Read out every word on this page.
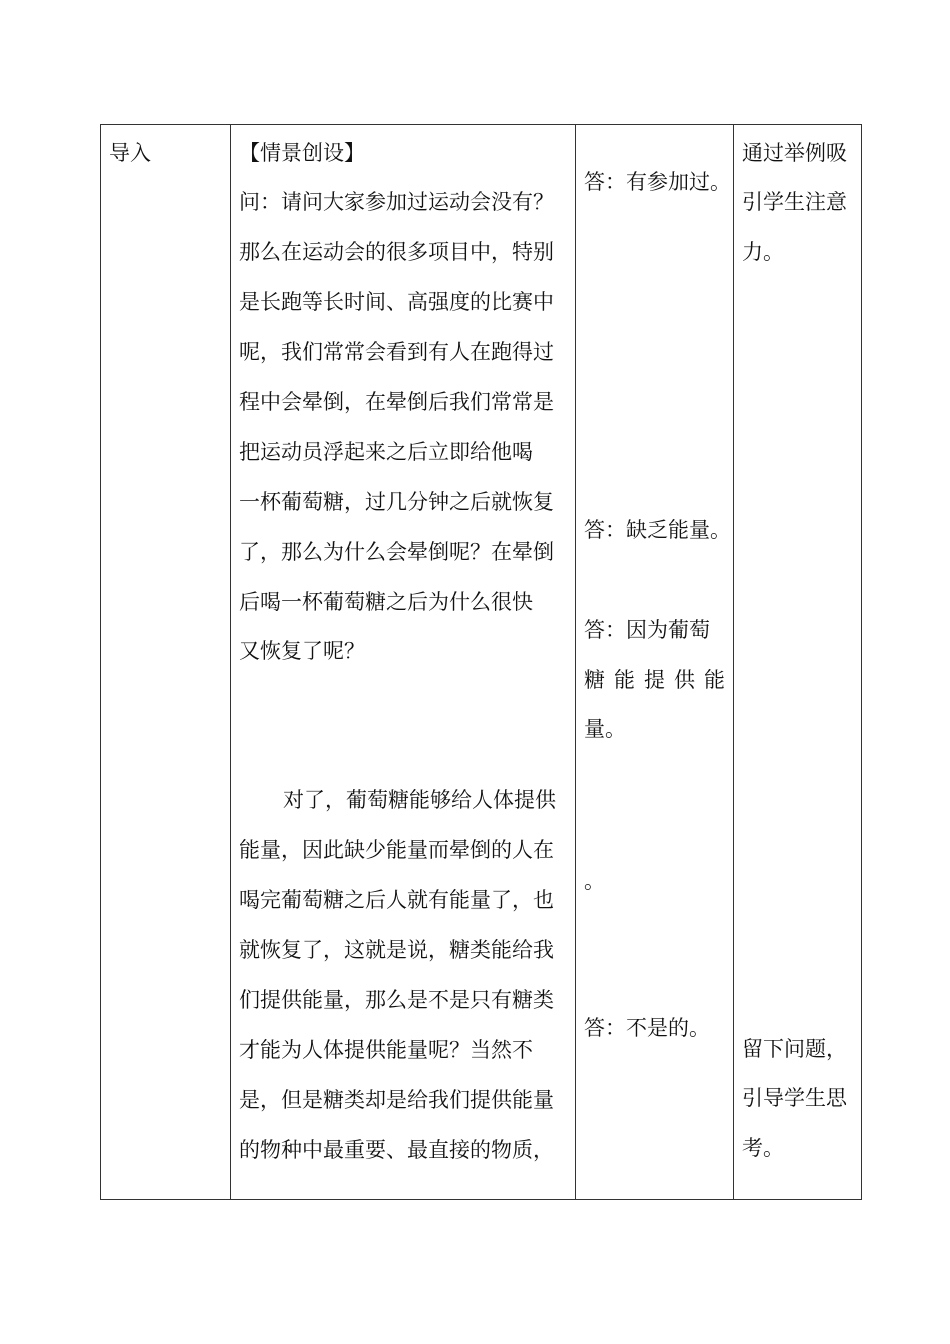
导入	【情景创设】
问：请问大家参加过运动会没有？
那么在运动会的很多项目中，特别
是长跑等长时间、高强度的比赛中
呢，我们常常会看到有人在跑得过
程中会晕倒，在晕倒后我们常常是
把运动员浮起来之后立即给他喝
一杯葡萄糖，过几分钟之后就恢复
了，那么为什么会晕倒呢？在晕倒
后喝一杯葡萄糖之后为什么很快
又恢复了呢？
对了，葡萄糖能够给人体提供
能量，因此缺少能量而晕倒的人在
喝完葡萄糖之后人就有能量了，也
就恢复了，这就是说，糖类能给我
们提供能量，那么是不是只有糖类
才能为人体提供能量呢？当然不
是，但是糖类却是给我们提供能量
的物种中最重要、最直接的物质，
答：有参加过。
答：缺乏能量。
答：因为葡萄
糖 能 提 供 能
量。
。
答：不是的。
通过举例吸
引学生注意
力。
留下问题，
引导学生思
考。
